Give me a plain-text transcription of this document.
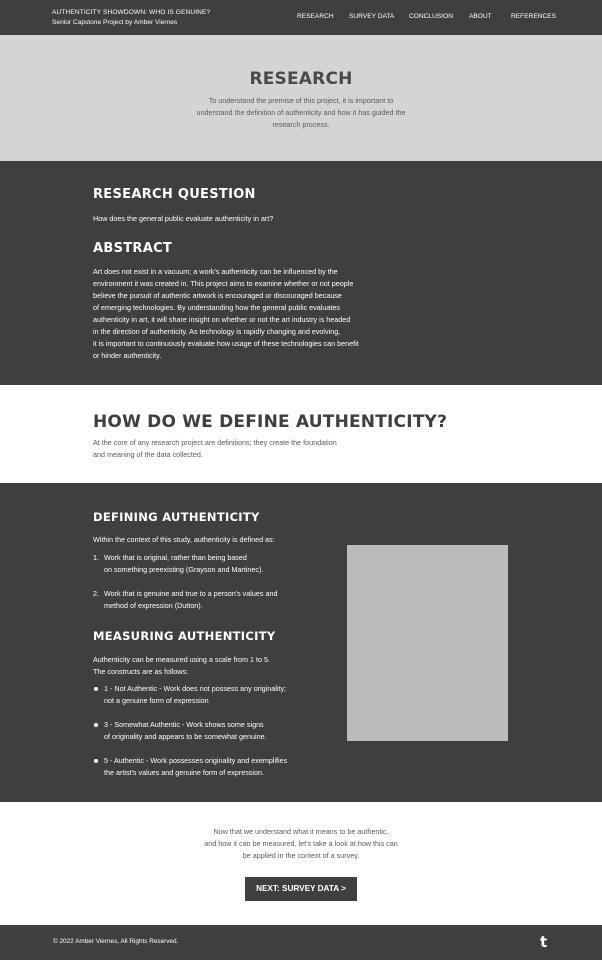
AUTHENTICITY SHOWDOWN: WHO IS GENUINE?
Senior Capstone Project by Amber Viernes
RESEARCH SURVEY DATA CONCLUSION ABOUT	REFERENCES
RESEARCH

To understand the premise of this project, it is important to understand the definition of authenticity and how it has guided the research process.

RESEARCH QUESTION
How does the general public evaluate authenticity in art?
ABSTRACT
Art does not exist in a vacuum; a work's authenticity can be influenced by the
environment it was created in. This project aims to examine whether or not people
believe the pursuit of authentic artwork is encouraged or discouraged because
of emerging technologies. By understanding how the general public evaluates
authenticity in art, it will share insight on whether or not the art industry is headed
in the direction of authenticity. As technology is rapidly changing and evolving,
it is important to continuously evaluate how usage of these technologies can benefit
or hinder authenticity.
HOW DO WE DEFINE AUTHENTICITY?

At the core of any research project are definitions; they create the foundation
and meaning of the data collected.

DEFINING AUTHENTICITY
Within the context of this study, authenticity is defined as:
1. Work that is original, rather than being based
on something preexisting (Grayson and Martinec).
2. Work that is genuine and true to a person's values and
method of expression (Dutton).
MEASURING AUTHENTICITY
Authenticity can be measured using a scale from 1 to 5.
The constructs are as follows:
1 - Not Authentic - Work does not possess any originality;
not a genuine form of expression
3 - Somewhat Authentic - Work shows some signs
of originality and appears to be somewhat genuine.
5 - Authentic - Work possesses originality and exemplifies
the artist's values and genuine form of expression.

Now that we understand what it means to be authentic,
and how it can be measured, let's take a look at how this can
be applied in the context of a survey.

NEXT: SURVEY DATA >
© 2022 Amber Viernes, All Rights Reserved.	t
